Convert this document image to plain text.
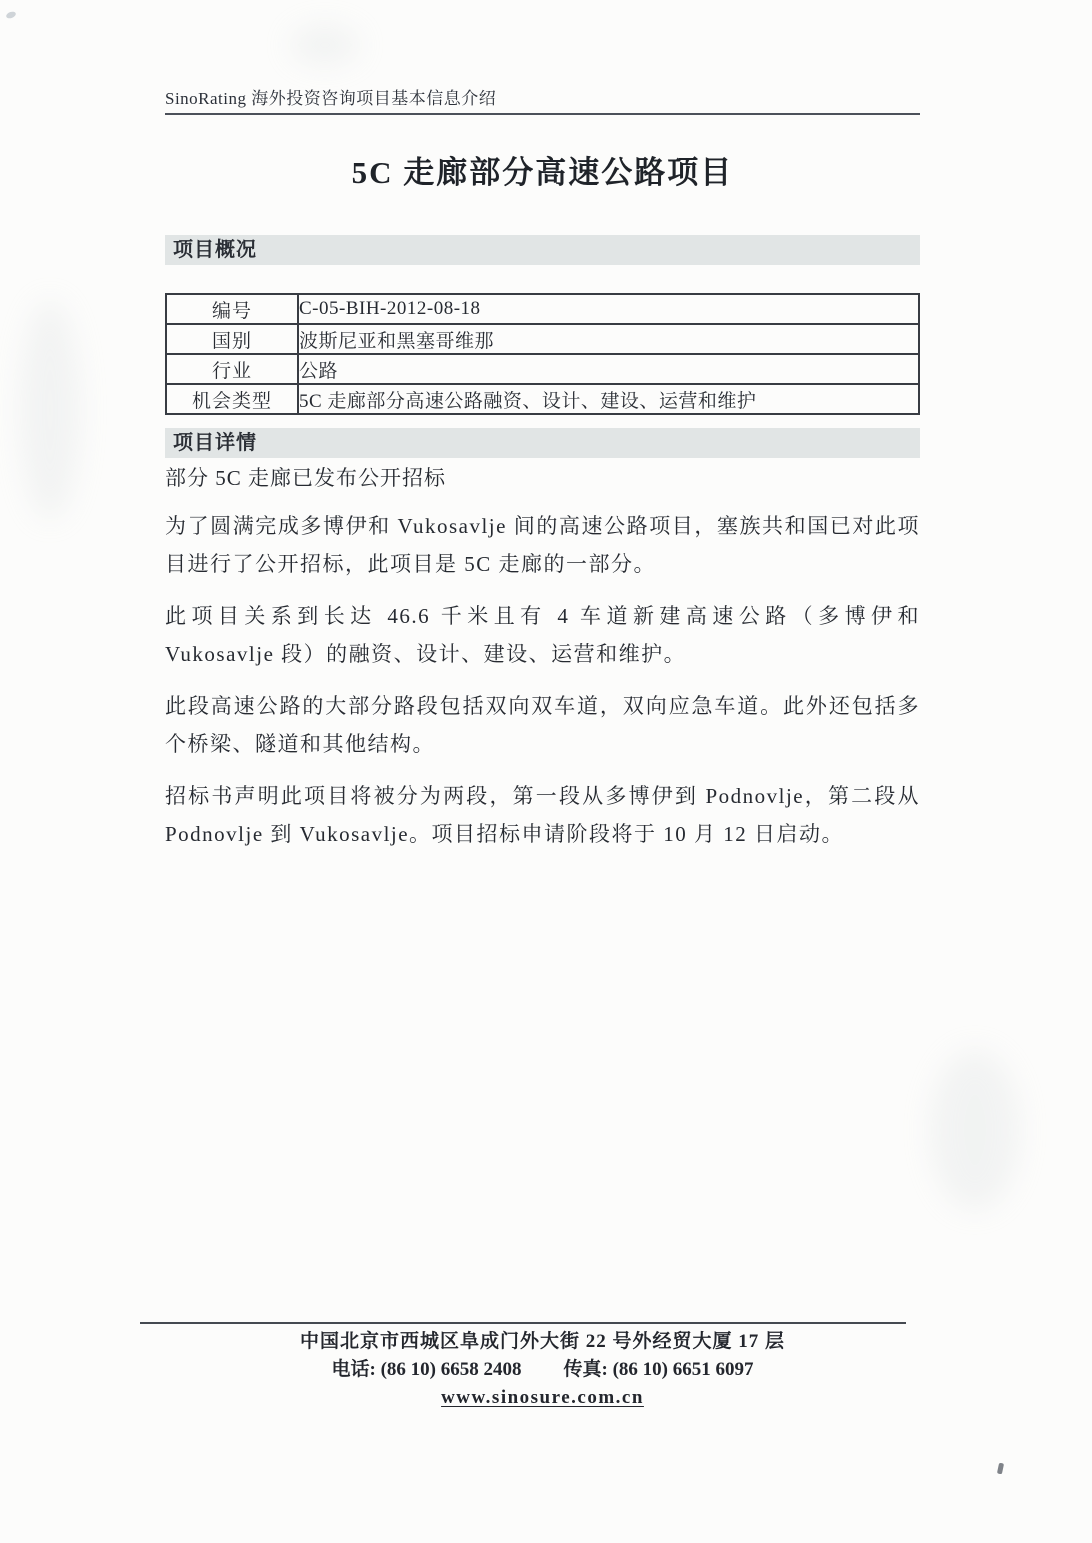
SinoRating 海外投资咨询项目基本信息介绍
5C 走廊部分高速公路项目
项目概况
编号	C-05-BIH-2012-08-18
国别	波斯尼亚和黑塞哥维那
行业	公路
机会类型	5C 走廊部分高速公路融资、设计、建设、运营和维护
项目详情

部分 5C 走廊已发布公开招标

为了圆满完成多博伊和 Vukosavlje 间的高速公路项目，塞族共和国已对此项目进行了公开招标，此项目是 5C 走廊的一部分。

此项目关系到长达 46.6 千米且有 4 车道新建高速公路（多博伊和 Vukosavlje 段）的融资、设计、建设、运营和维护。

此段高速公路的大部分路段包括双向双车道，双向应急车道。此外还包括多个桥梁、隧道和其他结构。

招标书声明此项目将被分为两段，第一段从多博伊到 Podnovlje，第二段从 Podnovlje 到 Vukosavlje。项目招标申请阶段将于 10 月 12 日启动。

中国北京市西城区阜成门外大街 22 号外经贸大厦 17 层
电话: (86 10) 6658 2408 传真: (86 10) 6651 6097
www.sinosure.com.cn
